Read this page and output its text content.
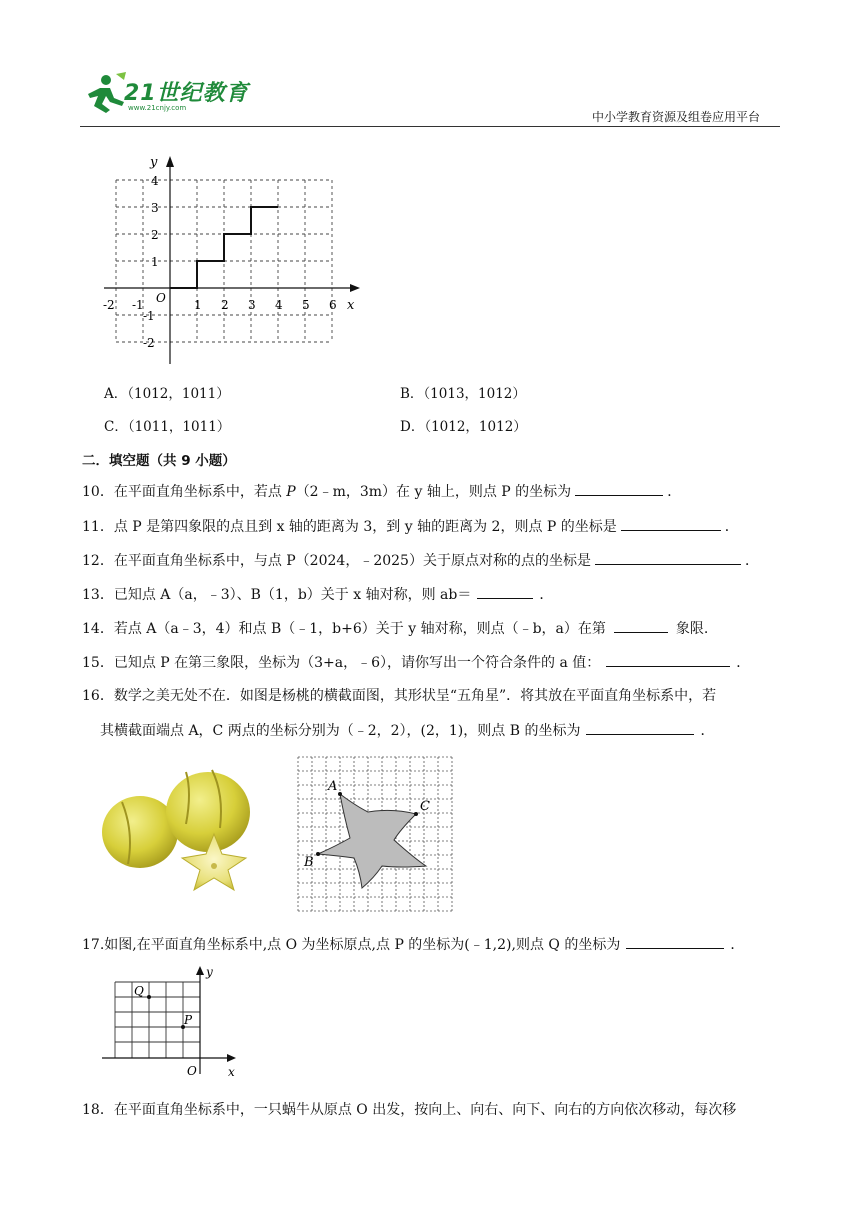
21世纪教育
www.21cnjy.com
中小学教育资源及组卷应用平台
y
x
O
-2 -1	1 2 3 4 5 6
4
3
2
1
-1
-2
A．（1012，1011）	B．（1013，1012）
C．（1011，1011）	D．（1012，1012）
二．填空题（共 9 小题）
10．在平面直角坐标系中，若点 P（2﹣m，3m）在 y 轴上，则点 P 的坐标为	．
11．点 P 是第四象限的点且到 x 轴的距离为 3，到 y 轴的距离为 2，则点 P 的坐标是	．
12．在平面直角坐标系中，与点 P（2024，﹣2025）关于原点对称的点的坐标是	．
13．已知点 A（a，﹣3）、B（1，b）关于 x 轴对称，则 ab＝	．
14．若点 A（a﹣3，4）和点 B（﹣1，b+6）关于 y 轴对称，则点（﹣b，a）在第	象限.
15．已知点 P 在第三象限，坐标为（3+a，﹣6），请你写出一个符合条件的 a 值：	．
16．数学之美无处不在．如图是杨桃的横截面图，其形状呈“五角星”．将其放在平面直角坐标系中，若
其横截面端点 A，C 两点的坐标分别为（﹣2，2），(2，1)，则点 B 的坐标为	．
A
C
B
17.如图,在平面直角坐标系中,点 O 为坐标原点,点 P 的坐标为(﹣1,2),则点 Q 的坐标为	．
Q
P
O	x
y
18．在平面直角坐标系中，一只蜗牛从原点 O 出发，按向上、向右、向下、向右的方向依次移动，每次移
